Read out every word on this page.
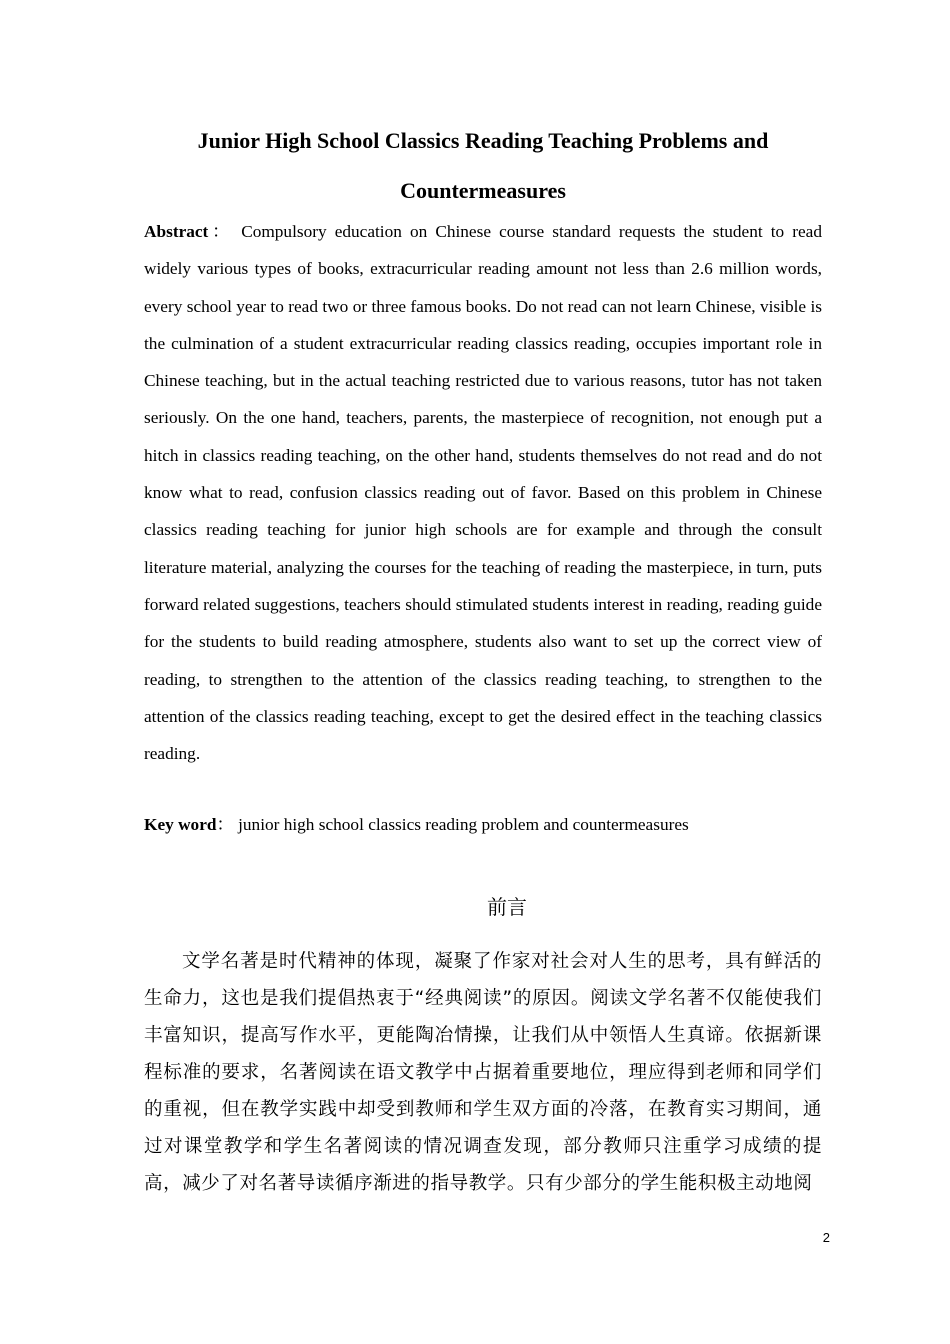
Junior High School Classics Reading Teaching Problems and
Countermeasures

Abstract： Compulsory education on Chinese course standard requests the student to read widely various types of books, extracurricular reading amount not less than 2.6 million words, every school year to read two or three famous books. Do not read can not learn Chinese, visible is the culmination of a student extracurricular reading classics reading, occupies important role in Chinese teaching, but in the actual teaching restricted due to various reasons, tutor has not taken seriously. On the one hand, teachers, parents, the masterpiece of recognition, not enough put a hitch in classics reading teaching, on the other hand, students themselves do not read and do not know what to read, confusion classics reading out of favor. Based on this problem in Chinese classics reading teaching for junior high schools are for example and through the consult literature material, analyzing the courses for the teaching of reading the masterpiece, in turn, puts forward related suggestions, teachers should stimulated students interest in reading, reading guide for the students to build reading atmosphere, students also want to set up the correct view of reading, to strengthen to the attention of the classics reading teaching, to strengthen to the attention of the classics reading teaching, except to get the desired effect in the teaching classics reading.

Key word： junior high school classics reading problem and countermeasures

前言

文学名著是时代精神的体现，凝聚了作家对社会对人生的思考，具有鲜活的生命力，这也是我们提倡热衷于“经典阅读”的原因。阅读文学名著不仅能使我们丰富知识，提高写作水平，更能陶冶情操，让我们从中领悟人生真谛。依据新课程标准的要求，名著阅读在语文教学中占据着重要地位，理应得到老师和同学们的重视，但在教学实践中却受到教师和学生双方面的冷落，在教育实习期间，通过对课堂教学和学生名著阅读的情况调查发现，部分教师只注重学习成绩的提高，减少了对名著导读循序渐进的指导教学。只有少部分的学生能积极主动地阅

2
